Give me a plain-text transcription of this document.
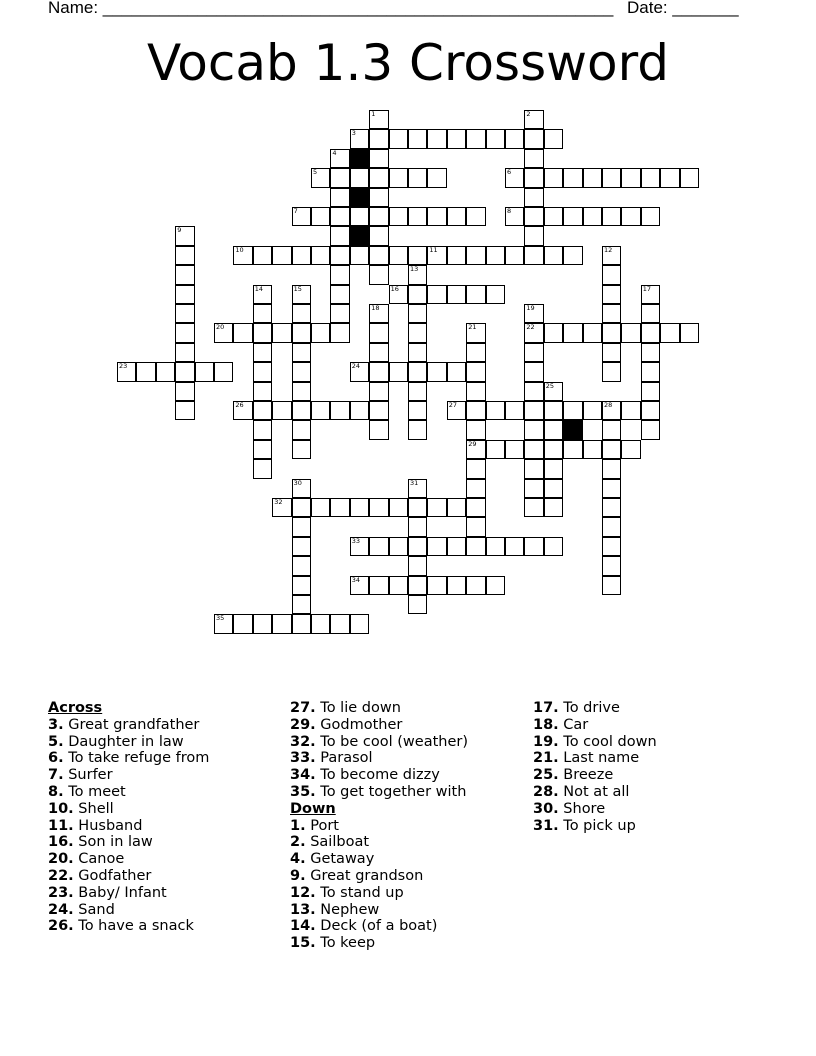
Name: ______________________________________________________ Date: _______
Vocab 1.3 Crossword
3
5	6
7	8
10	11
16
20	22
23	24
26	27	28
29
32
33
34
35
1	2
4
9
12
13
14	15	17
18	19
21
25
30	31
Across
3. Great grandfather
5. Daughter in law
6. To take refuge from
7. Surfer
8. To meet
10. Shell
11. Husband
16. Son in law
20. Canoe
22. Godfather
23. Baby/ Infant
24. Sand
26. To have a snack
27. To lie down
29. Godmother
32. To be cool (weather)
33. Parasol
34. To become dizzy
35. To get together with
Down
1. Port
2. Sailboat
4. Getaway
9. Great grandson
12. To stand up
13. Nephew
14. Deck (of a boat)
15. To keep
17. To drive
18. Car
19. To cool down
21. Last name
25. Breeze
28. Not at all
30. Shore
31. To pick up
